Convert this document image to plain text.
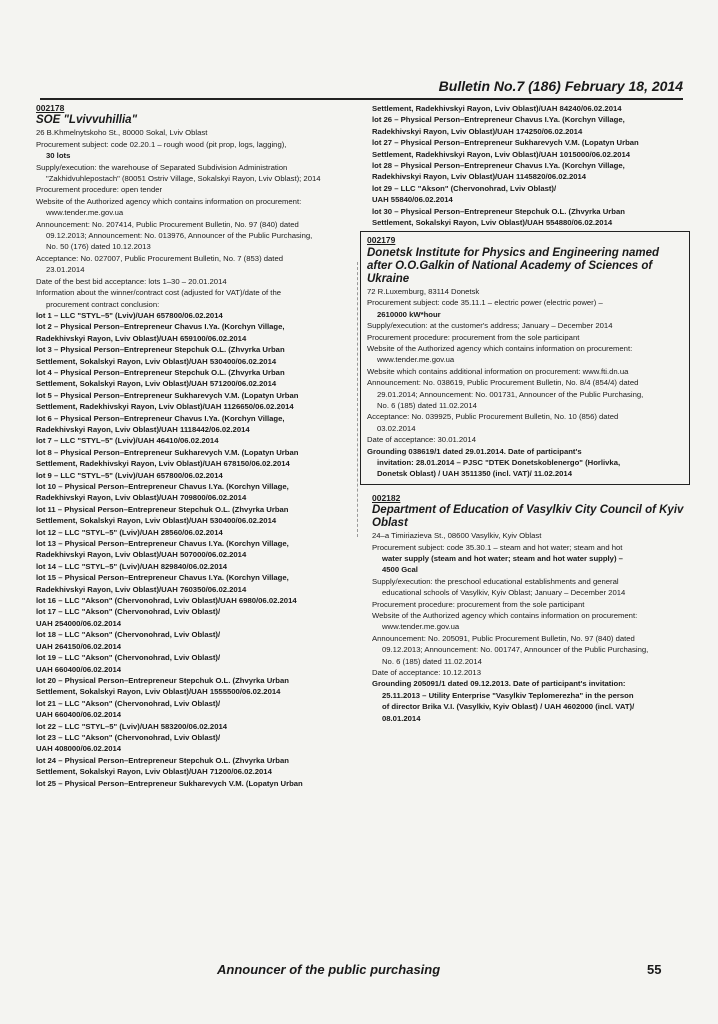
Bulletin No.7 (186) February 18, 2014

002178

SOE "Lvivvuhillia"

26 B.Khmelnytskoho St., 80000 Sokal, Lviv Oblast

Procurement subject: code 02.20.1 – rough wood (pit prop, logs, lagging),

30 lots

Supply/execution: the warehouse of Separated Subdivision Administration

"Zakhidvuhlepostach" (80051 Ostriv Village, Sokalskyi Rayon, Lviv Oblast); 2014

Procurement procedure: open tender

Website of the Authorized agency which contains information on procurement:

www.tender.me.gov.ua

Announcement: No. 207414, Public Procurement Bulletin, No. 97 (840) dated

09.12.2013; Announcement: No. 013976, Announcer of the Public Purchasing,

No. 50 (176) dated 10.12.2013

Acceptance: No. 027007, Public Procurement Bulletin, No. 7 (853) dated

23.01.2014

Date of the best bid acceptance: lots 1–30 – 20.01.2014

Information about the winner/contract cost (adjusted for VAT)/date of the

procurement contract conclusion:

lot 1 – LLC "STYL–5" (Lviv)/UAH 657800/06.02.2014

lot 2 – Physical Person–Entrepreneur Chavus I.Ya. (Korchyn Village,

Radekhivskyi Rayon, Lviv Oblast)/UAH 659100/06.02.2014

lot 3 – Physical Person–Entrepreneur Stepchuk O.L. (Zhvyrka Urban

Settlement, Sokalskyi Rayon, Lviv Oblast)/UAH 530400/06.02.2014

lot 4 – Physical Person–Entrepreneur Stepchuk O.L. (Zhvyrka Urban

Settlement, Sokalskyi Rayon, Lviv Oblast)/UAH 571200/06.02.2014

lot 5 – Physical Person–Entrepreneur Sukharevych V.M. (Lopatyn Urban

Settlement, Radekhivskyi Rayon, Lviv Oblast)/UAH 1126650/06.02.2014

lot 6 – Physical Person–Entrepreneur Chavus I.Ya. (Korchyn Village,

Radekhivskyi Rayon, Lviv Oblast)/UAH 1118442/06.02.2014

lot 7 – LLC "STYL–5" (Lviv)/UAH 46410/06.02.2014

lot 8 – Physical Person–Entrepreneur Sukharevych V.M. (Lopatyn Urban

Settlement, Radekhivskyi Rayon, Lviv Oblast)/UAH 678150/06.02.2014

lot 9 – LLC "STYL–5" (Lviv)/UAH 657800/06.02.2014

lot 10 – Physical Person–Entrepreneur Chavus I.Ya. (Korchyn Village,

Radekhivskyi Rayon, Lviv Oblast)/UAH 709800/06.02.2014

lot 11 – Physical Person–Entrepreneur Stepchuk O.L. (Zhvyrka Urban

Settlement, Sokalskyi Rayon, Lviv Oblast)/UAH 530400/06.02.2014

lot 12 – LLC "STYL–5" (Lviv)/UAH 28560/06.02.2014

lot 13 – Physical Person–Entrepreneur Chavus I.Ya. (Korchyn Village,

Radekhivskyi Rayon, Lviv Oblast)/UAH 507000/06.02.2014

lot 14 – LLC "STYL–5" (Lviv)/UAH 829840/06.02.2014

lot 15 – Physical Person–Entrepreneur Chavus I.Ya. (Korchyn Village,

Radekhivskyi Rayon, Lviv Oblast)/UAH 760350/06.02.2014

lot 16 – LLC "Akson" (Chervonohrad, Lviv Oblast)/UAH 6980/06.02.2014

lot 17 – LLC "Akson" (Chervonohrad, Lviv Oblast)/

UAH 254000/06.02.2014

lot 18 – LLC "Akson" (Chervonohrad, Lviv Oblast)/

UAH 264150/06.02.2014

lot 19 – LLC "Akson" (Chervonohrad, Lviv Oblast)/

UAH 660400/06.02.2014

lot 20 – Physical Person–Entrepreneur Stepchuk O.L. (Zhvyrka Urban

Settlement, Sokalskyi Rayon, Lviv Oblast)/UAH 1555500/06.02.2014

lot 21 – LLC "Akson" (Chervonohrad, Lviv Oblast)/

UAH 660400/06.02.2014

lot 22 – LLC "STYL–5" (Lviv)/UAH 583200/06.02.2014

lot 23 – LLC "Akson" (Chervonohrad, Lviv Oblast)/

UAH 408000/06.02.2014

lot 24 – Physical Person–Entrepreneur Stepchuk O.L. (Zhvyrka Urban

Settlement, Sokalskyi Rayon, Lviv Oblast)/UAH 71200/06.02.2014

lot 25 – Physical Person–Entrepreneur Sukharevych V.M. (Lopatyn Urban

Settlement, Radekhivskyi Rayon, Lviv Oblast)/UAH 84240/06.02.2014

lot 26 – Physical Person–Entrepreneur Chavus I.Ya. (Korchyn Village,

Radekhivskyi Rayon, Lviv Oblast)/UAH 174250/06.02.2014

lot 27 – Physical Person–Entrepreneur Sukharevych V.M. (Lopatyn Urban

Settlement, Radekhivskyi Rayon, Lviv Oblast)/UAH 1015000/06.02.2014

lot 28 – Physical Person–Entrepreneur Chavus I.Ya. (Korchyn Village,

Radekhivskyi Rayon, Lviv Oblast)/UAH 1145820/06.02.2014

lot 29 – LLC "Akson" (Chervonohrad, Lviv Oblast)/

UAH 55840/06.02.2014

lot 30 – Physical Person–Entrepreneur Stepchuk O.L. (Zhvyrka Urban

Settlement, Sokalskyi Rayon, Lviv Oblast)/UAH 554880/06.02.2014

002179

Donetsk Institute for Physics and Engineering named after O.O.Galkin of National Academy of Sciences of Ukraine

72 R.Luxemburg, 83114 Donetsk

Procurement subject: code 35.11.1 – electric power (electric power) –

2610000 kW*hour

Supply/execution: at the customer's address; January – December 2014

Procurement procedure: procurement from the sole participant

Website of the Authorized agency which contains information on procurement:

www.tender.me.gov.ua

Website which contains additional information on procurement: www.fti.dn.ua

Announcement: No. 038619, Public Procurement Bulletin, No. 8/4 (854/4) dated

29.01.2014; Announcement: No. 001731, Announcer of the Public Purchasing,

No. 6 (185) dated 11.02.2014

Acceptance: No. 039925, Public Procurement Bulletin, No. 10 (856) dated

03.02.2014

Date of acceptance: 30.01.2014

Grounding 038619/1 dated 29.01.2014. Date of participant's

invitation: 28.01.2014 – PJSC "DTEK Donetskoblenergo" (Horlivka,

Donetsk Oblast) / UAH 3511350 (incl. VAT)/ 11.02.2014

002182

Department of Education of Vasylkiv City Council of Kyiv Oblast

24–a Timiriazieva St., 08600 Vasylkiv, Kyiv Oblast

Procurement subject: code 35.30.1 – steam and hot water; steam and hot

water supply (steam and hot water; steam and hot water supply) –

4500 Gcal

Supply/execution: the preschool educational establishments and general

educational schools of Vasylkiv, Kyiv Oblast; January – December 2014

Procurement procedure: procurement from the sole participant

Website of the Authorized agency which contains information on procurement:

www.tender.me.gov.ua

Announcement: No. 205091, Public Procurement Bulletin, No. 97 (840) dated

09.12.2013; Announcement: No. 001747, Announcer of the Public Purchasing,

No. 6 (185) dated 11.02.2014

Date of acceptance: 10.12.2013

Grounding 205091/1 dated 09.12.2013. Date of participant's invitation:

25.11.2013 – Utility Enterprise "Vasylkiv Teplomerezha" in the person

of director Brika V.I. (Vasylkiv, Kyiv Oblast) / UAH 4602000 (incl. VAT)/

08.01.2014

Announcer of the public purchasing	55
